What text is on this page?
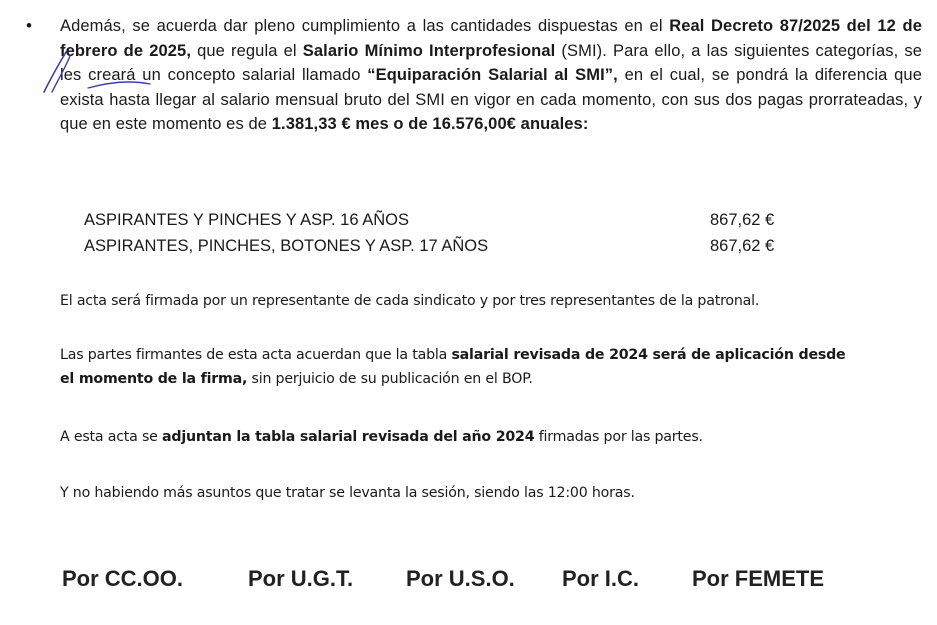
• Además, se acuerda dar pleno cumplimiento a las cantidades dispuestas en el Real Decreto 87/2025 del 12 de febrero de 2025, que regula el Salario Mínimo Interprofesional (SMI). Para ello, a las siguientes categorías, se les creará un concepto salarial llamado “Equiparación Salarial al SMI”, en el cual, se pondrá la diferencia que exista hasta llegar al salario mensual bruto del SMI en vigor en cada momento, con sus dos pagas prorrateadas, y que en este momento es de 1.381,33 € mes o de 16.576,00€ anuales:
ASPIRANTES Y PINCHES Y ASP. 16 AÑOS	867,62 €
ASPIRANTES, PINCHES, BOTONES Y ASP. 17 AÑOS	867,62 €
El acta será firmada por un representante de cada sindicato y por tres representantes de la patronal.
Las partes firmantes de esta acta acuerdan que la tabla salarial revisada de 2024 será de aplicación desde el momento de la firma, sin perjuicio de su publicación en el BOP.
A esta acta se adjuntan la tabla salarial revisada del año 2024 firmadas por las partes.
Y no habiendo más asuntos que tratar se levanta la sesión, siendo las 12:00 horas.
Por CC.OO.	Por U.G.T. Por U.S.O. Por I.C. Por FEMETE
